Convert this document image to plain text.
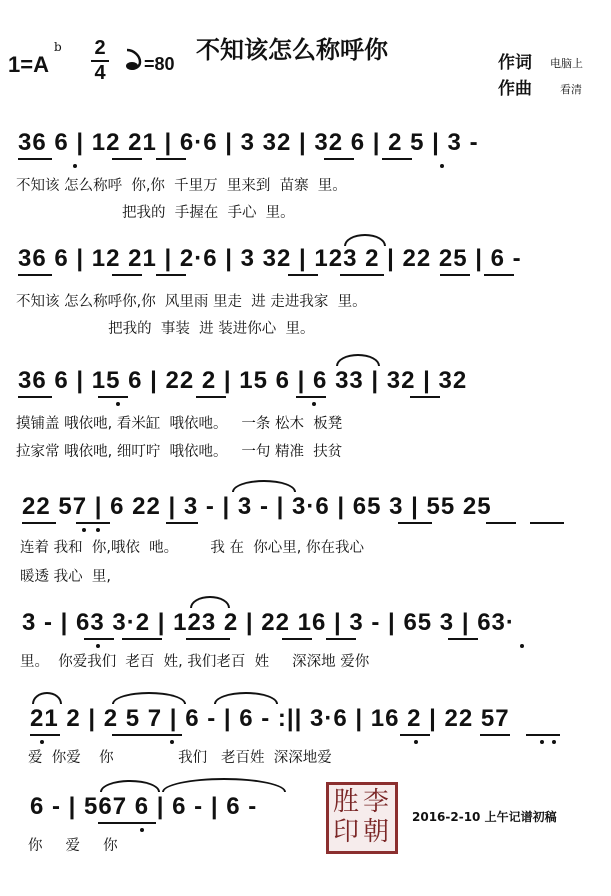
1=A
b 2
4 =80 不知该怎么称呼你	作词 电脑上
作曲	看清
36 6 | 12 21 | 6·6 | 3 32 | 32 6 | 2 5 | 3 -
不知该 怎么称呼  你,你  千里万  里来到  苗寨  里。
把我的  手握在  手心  里。
36 6 | 12 21 | 2·6 | 3 32 | 123 2 | 22 25 | 6 -
不知该 怎么称呼你,你  风里雨 里走  进 走进我家  里。
把我的  事装  进 装进你心  里。
36 6 | 15 6 | 22 2 | 15 6 | 6 33 | 32 | 32
摸铺盖 哦依吔, 看米缸  哦依吔。   一条 松木  板凳
拉家常 哦依吔, 细叮咛  哦依吔。   一句 精准  扶贫
22 57 | 6 22 | 3 - | 3 - | 3·6 | 65 3 | 55 25
连着 我和  你,哦依  吔。       我 在  你心里, 你在我心
暖透 我心  里,
3 - | 63 3·2 | 123 2 | 22 16 | 3 - | 65 3 | 63·
里。  你爱我们  老百  姓, 我们老百  姓     深深地 爱你
21 2 | 2 5 7 | 6 - | 6 - :|| 3·6 | 16 2 | 22 57
爱  你爱    你              我们   老百姓  深深地爱
6 - | 567 6 | 6 - | 6 -
你     爱     你
胜 李
印 朝 2016-2-10 上午记谱初稿
